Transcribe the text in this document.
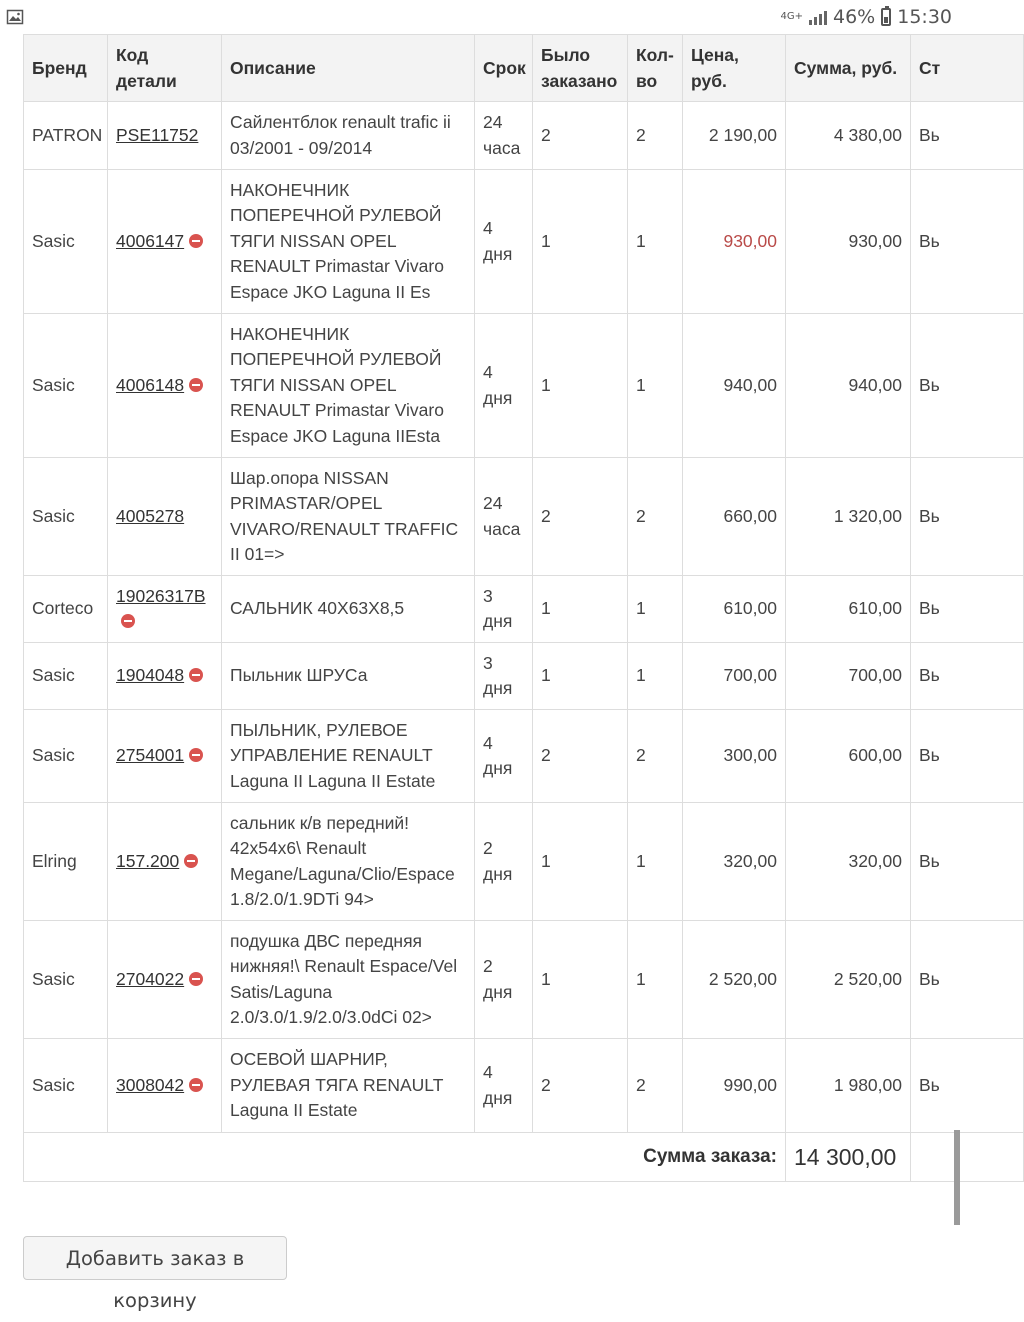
4G+ 46% 15:30
Бренд	Код детали	Описание	Срок	Было заказано	Кол-во	Цена, руб.	Сумма, руб.	Ст
PATRON	PSE11752	Сайлентблок renault trafic ii 03/2001 - 09/2014	24 часа	2	2	2 190,00	4 380,00	Вь
Sasic	4006147	НАКОНЕЧНИК ПОПЕРЕЧНОЙ РУЛЕВОЙ ТЯГИ NISSAN OPEL RENAULT Primastar Vivaro Espace JKO Laguna II Es	4 дня	1	1	930,00	930,00	Вь
Sasic	4006148	НАКОНЕЧНИК ПОПЕРЕЧНОЙ РУЛЕВОЙ ТЯГИ NISSAN OPEL RENAULT Primastar Vivaro Espace JKO Laguna IIEsta	4 дня	1	1	940,00	940,00	Вь
Sasic	4005278	Шар.опора NISSAN PRIMASTAR/OPEL VIVARO/RENAULT TRAFFIC II 01=>	24 часа	2	2	660,00	1 320,00	Вь
Corteco	19026317B	САЛЬНИК 40X63X8,5	3 дня	1	1	610,00	610,00	Вь
Sasic	1904048	Пыльник ШРУСа	3 дня	1	1	700,00	700,00	Вь
Sasic	2754001	ПЫЛЬНИК, РУЛЕВОЕ УПРАВЛЕНИЕ RENAULT Laguna II Laguna II Estate	4 дня	2	2	300,00	600,00	Вь
Elring	157.200	сальник к/в передний! 42x54x6\ Renault Megane/Laguna/Clio/Espace 1.8/2.0/1.9DTi 94>	2 дня	1	1	320,00	320,00	Вь
Sasic	2704022	подушка ДВС передняя нижняя!\ Renault Espace/Vel Satis/Laguna 2.0/3.0/1.9/2.0/3.0dCi 02>	2 дня	1	1	2 520,00	2 520,00	Вь
Sasic	3008042	ОСЕВОЙ ШАРНИР, РУЛЕВАЯ ТЯГА RENAULT Laguna II Estate	4 дня	2	2	990,00	1 980,00	Вь
Сумма заказа:							14 300,00	
Добавить заказ в корзину
